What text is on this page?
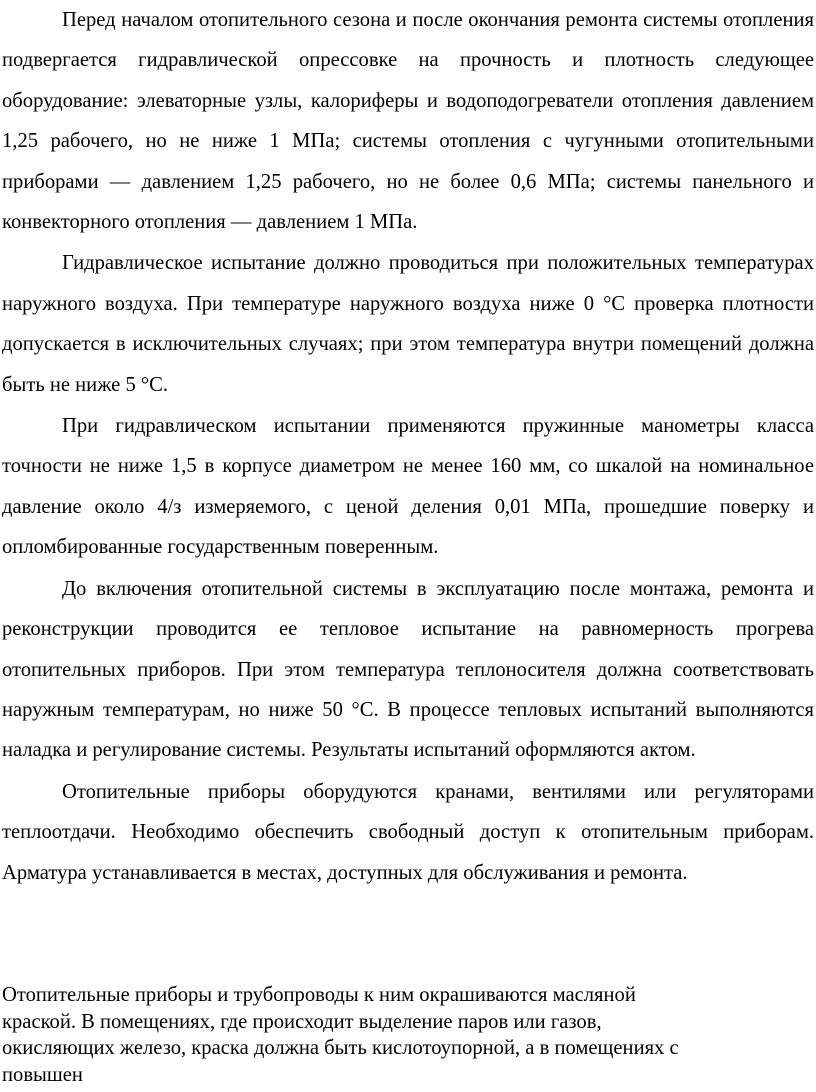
Перед началом отопительного сезона и после окончания ремонта системы отопления подвергается гидравлической опрессовке на прочность и плотность следующее оборудование: элеваторные узлы, калориферы и водоподогреватели отопления давлением 1,25 рабочего, но не ниже 1 МПа; системы отопления с чугунными отопительными приборами — давлением 1,25 рабочего, но не более 0,6 МПа; системы панельного и конвекторного отопления — давлением 1 МПа.

Гидравлическое испытание должно проводиться при положительных температурах наружного воздуха. При температуре наружного воздуха ниже 0 °С проверка плотности допускается в исключительных случаях; при этом температура внутри помещений должна быть не ниже 5 °С.

При гидравлическом испытании применяются пружинные манометры класса точности не ниже 1,5 в корпусе диаметром не менее 160 мм, со шкалой на номинальное давление около 4/з измеряемого, с ценой деления 0,01 МПа, прошедшие поверку и опломбированные государственным поверенным.

До включения отопительной системы в эксплуатацию после монтажа, ремонта и реконструкции проводится ее тепловое испытание на равномерность прогрева отопительных приборов. При этом температура теплоносителя должна соответствовать наружным температурам, но ниже 50 °С. В процессе тепловых испытаний выполняются наладка и регулирование системы. Результаты испытаний оформляются актом.

Отопительные приборы оборудуются кранами, вентилями или регуляторами теплоотдачи. Необходимо обеспечить свободный доступ к отопительным приборам. Арматура устанавливается в местах, доступных для обслуживания и ремонта.

Отопительные приборы и трубопроводы к ним окрашиваются масляной
краской. В помещениях, где происходит выделение паров или газов,
окисляющих железо, краска должна быть кислотоупорной, а в помещениях с
повышен
